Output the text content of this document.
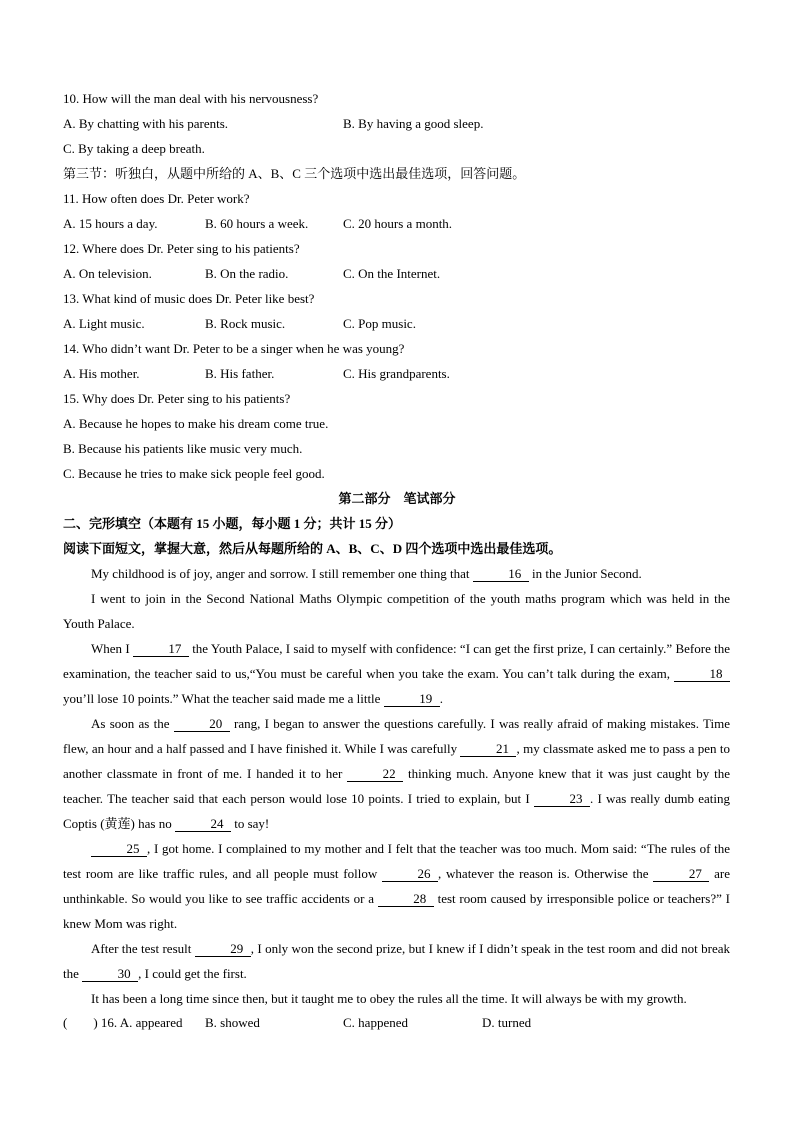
10. How will the man deal with his nervousness?
A. By chatting with his parents.	B. By having a good sleep.
C. By taking a deep breath.
第三节：听独白，从题中所给的 A、B、C 三个选项中选出最佳选项，回答问题。
11. How often does Dr. Peter work?
A. 15 hours a day.	B. 60 hours a week.	C. 20 hours a month.
12. Where does Dr. Peter sing to his patients?
A. On television.	B. On the radio.	C. On the Internet.
13. What kind of music does Dr. Peter like best?
A. Light music.	B. Rock music.	C. Pop music.
14. Who didn’t want Dr. Peter to be a singer when he was young?
A. His mother.	B. His father.	C. His grandparents.
15. Why does Dr. Peter sing to his patients?
A. Because he hopes to make his dream come true.
B. Because his patients like music very much.
C. Because he tries to make sick people feel good.
第二部分　笔试部分
二、完形填空（本题有 15 小题，每小题 1 分；共计 15 分）
阅读下面短文，掌握大意，然后从每题所给的 A、B、C、D 四个选项中选出最佳选项。
My childhood is of joy, anger and sorrow. I still remember one thing that	16 in the Junior Second.
I went to join in the Second National Maths Olympic competition of the youth maths program which was held in the Youth Palace.
When I	17 the Youth Palace, I said to myself with confidence: “I can get the first prize, I can certainly.” Before the examination, the teacher said to us,“You must be careful when you take the exam. You can’t talk during the exam,	18 you’ll lose 10 points.” What the teacher said made me a little	19 .
As soon as the	20 rang, I began to answer the questions carefully. I was really afraid of making mistakes. Time flew, an hour and a half passed and I have finished it. While I was carefully	21 , my classmate asked me to pass a pen to another classmate in front of me. I handed it to her	22 thinking much. Anyone knew that it was just caught by the teacher. The teacher said that each person would lose 10 points. I tried to explain, but I	23 . I was really dumb eating Coptis (黄莲) has no	24 to say!
25 , I got home. I complained to my mother and I felt that the teacher was too much. Mom said: “The rules of the test room are like traffic rules, and all people must follow	26 , whatever the reason is. Otherwise the	27 are unthinkable. So would you like to see traffic accidents or a	28 test room caused by irresponsible police or teachers?” I knew Mom was right.
After the test result	29 , I only won the second prize, but I knew if I didn’t speak in the test room and did not break the	30 , I could get the first.
It has been a long time since then, but it taught me to obey the rules all the time. It will always be with my growth.
(　　) 16. A. appeared B. showed	C. happened	D. turned
